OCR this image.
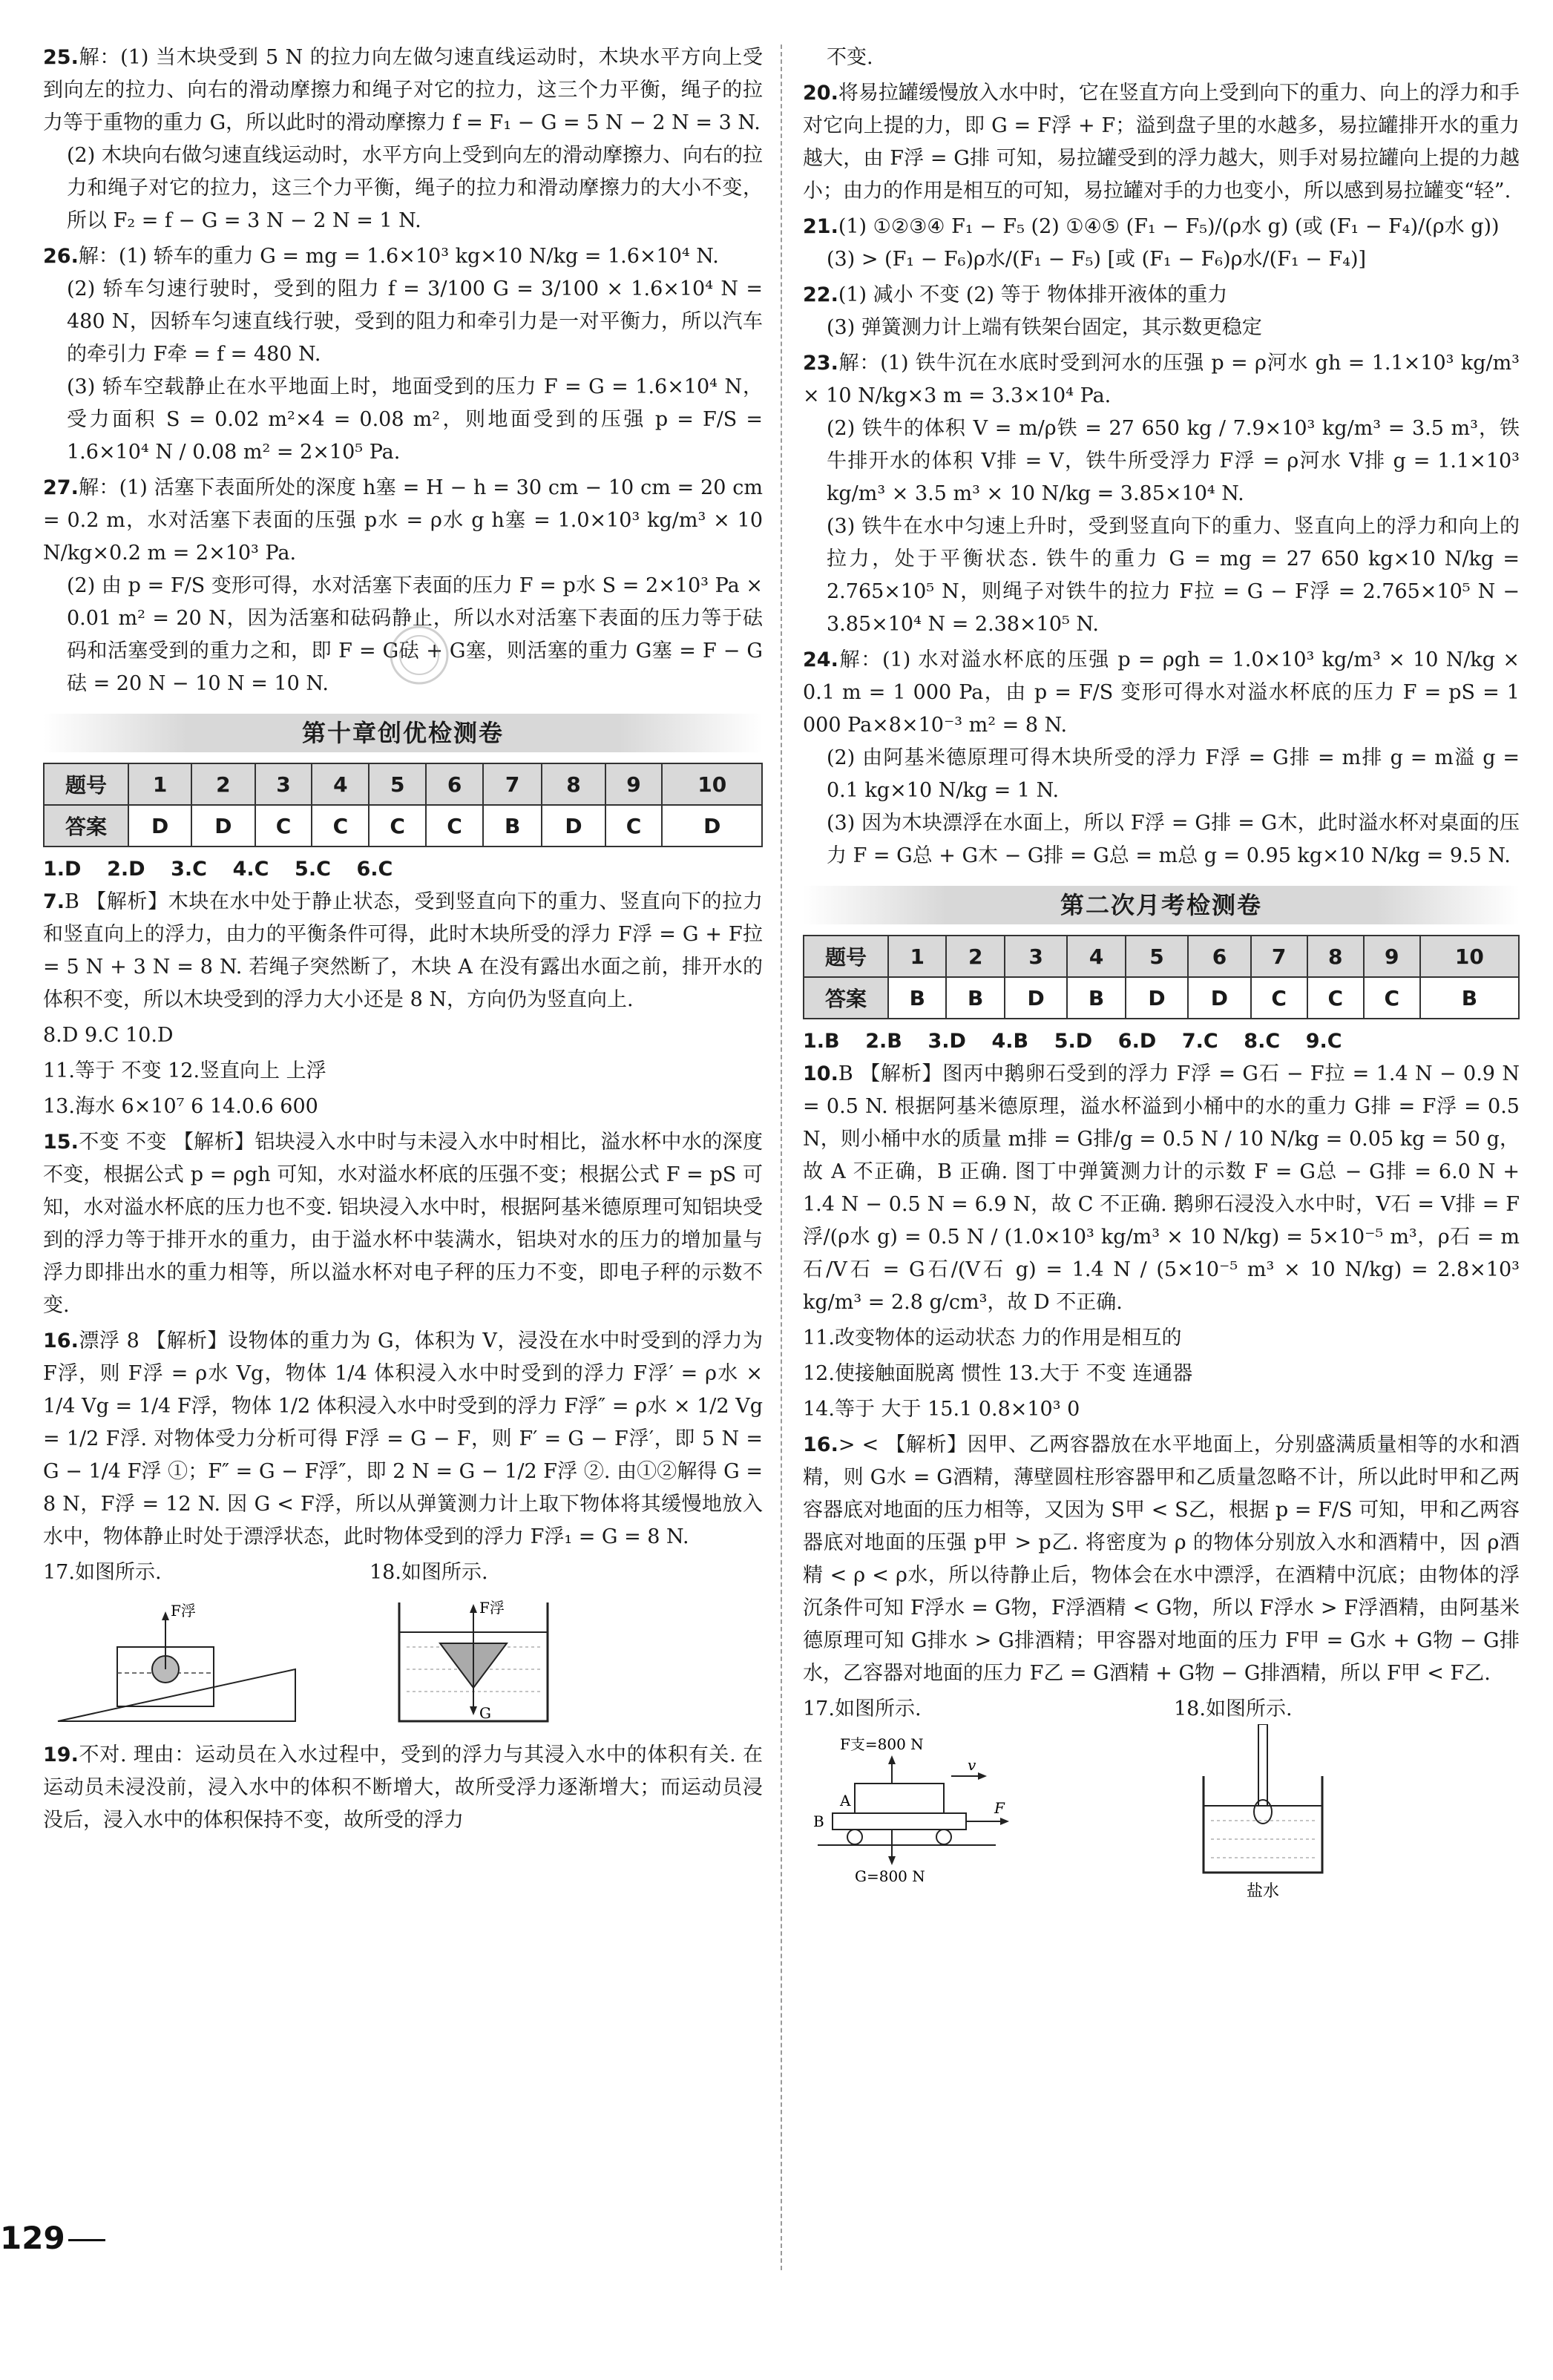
25.解：(1) 当木块受到 5 N 的拉力向左做匀速直线运动时，木块水平方向上受到向左的拉力、向右的滑动摩擦力和绳子对它的拉力，这三个力平衡，绳子的拉力等于重物的重力 G，所以此时的滑动摩擦力 f = F₁ − G = 5 N − 2 N = 3 N.

(2) 木块向右做匀速直线运动时，水平方向上受到向左的滑动摩擦力、向右的拉力和绳子对它的拉力，这三个力平衡，绳子的拉力和滑动摩擦力的大小不变，所以 F₂ = f − G = 3 N − 2 N = 1 N.

26.解：(1) 轿车的重力 G = mg = 1.6×10³ kg×10 N/kg = 1.6×10⁴ N.

(2) 轿车匀速行驶时，受到的阻力 f = 3/100 G = 3/100 × 1.6×10⁴ N = 480 N，因轿车匀速直线行驶，受到的阻力和牵引力是一对平衡力，所以汽车的牵引力 F牵 = f = 480 N.

(3) 轿车空载静止在水平地面上时，地面受到的压力 F = G = 1.6×10⁴ N，受力面积 S = 0.02 m²×4 = 0.08 m²，则地面受到的压强 p = F/S = 1.6×10⁴ N / 0.08 m² = 2×10⁵ Pa.

27.解：(1) 活塞下表面所处的深度 h塞 = H − h = 30 cm − 10 cm = 20 cm = 0.2 m，水对活塞下表面的压强 p水 = ρ水 g h塞 = 1.0×10³ kg/m³ × 10 N/kg×0.2 m = 2×10³ Pa.

(2) 由 p = F/S 变形可得，水对活塞下表面的压力 F = p水 S = 2×10³ Pa × 0.01 m² = 20 N，因为活塞和砝码静止，所以水对活塞下表面的压力等于砝码和活塞受到的重力之和，即 F = G砝 + G塞，则活塞的重力 G塞 = F − G砝 = 20 N − 10 N = 10 N.

第十章创优检测卷
题号	1	2	3	4	5	6	7	8	9	10
答案	D	D	C	C	C	C	B	D	C	D
1.D 2.D 3.C 4.C 5.C 6.C

7.B 【解析】木块在水中处于静止状态，受到竖直向下的重力、竖直向下的拉力和竖直向上的浮力，由力的平衡条件可得，此时木块所受的浮力 F浮 = G + F拉 = 5 N + 3 N = 8 N. 若绳子突然断了，木块 A 在没有露出水面之前，排开水的体积不变，所以木块受到的浮力大小还是 8 N，方向仍为竖直向上.

8.D 9.C 10.D
11.等于 不变 12.竖直向上 上浮
13.海水 6×10⁷ 6 14.0.6 600

15.不变 不变 【解析】铝块浸入水中时与未浸入水中时相比，溢水杯中水的深度不变，根据公式 p = ρgh 可知，水对溢水杯底的压强不变；根据公式 F = pS 可知，水对溢水杯底的压力也不变. 铝块浸入水中时，根据阿基米德原理可知铝块受到的浮力等于排开水的重力，由于溢水杯中装满水，铝块对水的压力的增加量与浮力即排出水的重力相等，所以溢水杯对电子秤的压力不变，即电子秤的示数不变.

16.漂浮 8 【解析】设物体的重力为 G，体积为 V，浸没在水中时受到的浮力为 F浮，则 F浮 = ρ水 Vg，物体 1/4 体积浸入水中时受到的浮力 F浮′ = ρ水 × 1/4 Vg = 1/4 F浮，物体 1/2 体积浸入水中时受到的浮力 F浮″ = ρ水 × 1/2 Vg = 1/2 F浮. 对物体受力分析可得 F浮 = G − F，则 F′ = G − F浮′，即 5 N = G − 1/4 F浮 ①；F″ = G − F浮″，即 2 N = G − 1/2 F浮 ②. 由①②解得 G = 8 N，F浮 = 12 N. 因 G < F浮，所以从弹簧测力计上取下物体将其缓慢地放入水中，物体静止时处于漂浮状态，此时物体受到的浮力 F浮₁ = G = 8 N.

17.如图所示.
F浮
18.如图所示.
F浮
G

19.不对. 理由：运动员在入水过程中，受到的浮力与其浸入水中的体积有关. 在运动员未浸没前，浸入水中的体积不断增大，故所受浮力逐渐增大；而运动员浸没后，浸入水中的体积保持不变，故所受的浮力

129
不变.

20.将易拉罐缓慢放入水中时，它在竖直方向上受到向下的重力、向上的浮力和手对它向上提的力，即 G = F浮 + F；溢到盘子里的水越多，易拉罐排开水的重力越大，由 F浮 = G排 可知，易拉罐受到的浮力越大，则手对易拉罐向上提的力越小；由力的作用是相互的可知，易拉罐对手的力也变小，所以感到易拉罐变“轻”.

21.(1) ①②③④ F₁ − F₅ (2) ①④⑤ (F₁ − F₅)/(ρ水 g) (或 (F₁ − F₄)/(ρ水 g))

(3) > (F₁ − F₆)ρ水/(F₁ − F₅) [或 (F₁ − F₆)ρ水/(F₁ − F₄)]

22.(1) 减小 不变 (2) 等于 物体排开液体的重力

(3) 弹簧测力计上端有铁架台固定，其示数更稳定

23.解：(1) 铁牛沉在水底时受到河水的压强 p = ρ河水 gh = 1.1×10³ kg/m³ × 10 N/kg×3 m = 3.3×10⁴ Pa.

(2) 铁牛的体积 V = m/ρ铁 = 27 650 kg / 7.9×10³ kg/m³ = 3.5 m³，铁牛排开水的体积 V排 = V，铁牛所受浮力 F浮 = ρ河水 V排 g = 1.1×10³ kg/m³ × 3.5 m³ × 10 N/kg = 3.85×10⁴ N.

(3) 铁牛在水中匀速上升时，受到竖直向下的重力、竖直向上的浮力和向上的拉力，处于平衡状态. 铁牛的重力 G = mg = 27 650 kg×10 N/kg = 2.765×10⁵ N，则绳子对铁牛的拉力 F拉 = G − F浮 = 2.765×10⁵ N − 3.85×10⁴ N = 2.38×10⁵ N.

24.解：(1) 水对溢水杯底的压强 p = ρgh = 1.0×10³ kg/m³ × 10 N/kg × 0.1 m = 1 000 Pa，由 p = F/S 变形可得水对溢水杯底的压力 F = pS = 1 000 Pa×8×10⁻³ m² = 8 N.

(2) 由阿基米德原理可得木块所受的浮力 F浮 = G排 = m排 g = m溢 g = 0.1 kg×10 N/kg = 1 N.

(3) 因为木块漂浮在水面上，所以 F浮 = G排 = G木，此时溢水杯对桌面的压力 F = G总 + G木 − G排 = G总 = m总 g = 0.95 kg×10 N/kg = 9.5 N.

第二次月考检测卷
题号	1	2	3	4	5	6	7	8	9	10
答案	B	B	D	B	D	D	C	C	C	B
1.B 2.B 3.D 4.B 5.D 6.D 7.C 8.C 9.C

10.B 【解析】图丙中鹅卵石受到的浮力 F浮 = G石 − F拉 = 1.4 N − 0.9 N = 0.5 N. 根据阿基米德原理，溢水杯溢到小桶中的水的重力 G排 = F浮 = 0.5 N，则小桶中水的质量 m排 = G排/g = 0.5 N / 10 N/kg = 0.05 kg = 50 g，故 A 不正确，B 正确. 图丁中弹簧测力计的示数 F = G总 − G排 = 6.0 N + 1.4 N − 0.5 N = 6.9 N，故 C 不正确. 鹅卵石浸没入水中时，V石 = V排 = F浮/(ρ水 g) = 0.5 N / (1.0×10³ kg/m³ × 10 N/kg) = 5×10⁻⁵ m³，ρ石 = m石/V石 = G石/(V石 g) = 1.4 N / (5×10⁻⁵ m³ × 10 N/kg) = 2.8×10³ kg/m³ = 2.8 g/cm³，故 D 不正确.

11.改变物体的运动状态 力的作用是相互的
12.使接触面脱离 惯性 13.大于 不变 连通器
14.等于 大于 15.1 0.8×10³ 0

16.> < 【解析】因甲、乙两容器放在水平地面上，分别盛满质量相等的水和酒精，则 G水 = G酒精，薄壁圆柱形容器甲和乙质量忽略不计，所以此时甲和乙两容器底对地面的压力相等，又因为 S甲 < S乙，根据 p = F/S 可知，甲和乙两容器底对地面的压强 p甲 > p乙. 将密度为 ρ 的物体分别放入水和酒精中，因 ρ酒精 < ρ < ρ水，所以待静止后，物体会在水中漂浮，在酒精中沉底；由物体的浮沉条件可知 F浮水 = G物，F浮酒精 < G物，所以 F浮水 > F浮酒精，由阿基米德原理可知 G排水 > G排酒精；甲容器对地面的压力 F甲 = G水 + G物 − G排水，乙容器对地面的压力 F乙 = G酒精 + G物 − G排酒精，所以 F甲 < F乙.

17.如图所示.
F支=800 N
A
B
v
F
G=800 N
18.如图所示.
盐水
